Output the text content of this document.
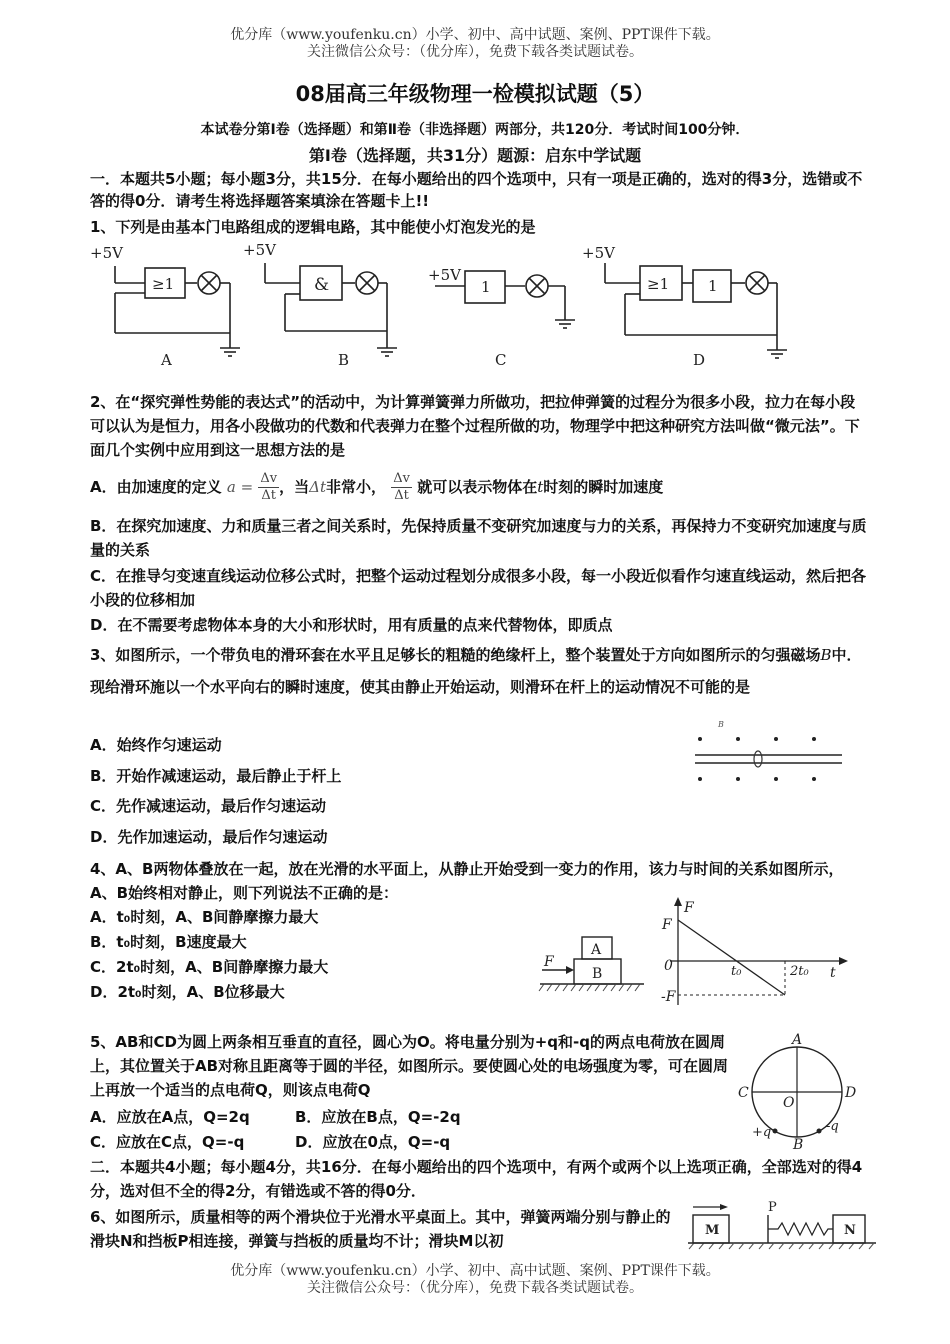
优分库（www.youfenku.cn）小学、初中、高中试题、案例、PPT课件下载。
关注微信公众号：（优分库），免费下载各类试题试卷。
08届高三年级物理一检模拟试题（5）
本试卷分第Ⅰ卷（选择题）和第Ⅱ卷（非选择题）两部分，共120分．考试时间100分钟．
第Ⅰ卷（选择题，共31分）题源：启东中学试题
一．本题共5小题；每小题3分，共15分．在每小题给出的四个选项中，只有一项是正确的，选对的得3分，选错或不答的得0分．请考生将选择题答案填涂在答题卡上!!
1、下列是由基本门电路组成的逻辑电路，其中能使小灯泡发光的是
+5V	+5V
+5V
+5V
≥1	&	1	≥1	1
A	B	C	D
2、在“探究弹性势能的表达式”的活动中，为计算弹簧弹力所做功，把拉伸弹簧的过程分为很多小段，拉力在每小段可以认为是恒力，用各小段做功的代数和代表弹力在整个过程所做的功，物理学中把这种研究方法叫做“微元法”。下面几个实例中应用到这一思想方法的是
A．由加速度的定义 $a = \frac{\Delta v}{\Delta t}$ ，当Δt非常小， $\frac{\Delta v}{\Delta t}$ 就可以表示物体在t时刻的瞬时加速度
B．在探究加速度、力和质量三者之间关系时，先保持质量不变研究加速度与力的关系，再保持力不变研究加速度与质量的关系
C．在推导匀变速直线运动位移公式时，把整个运动过程划分成很多小段，每一小段近似看作匀速直线运动，然后把各小段的位移相加
D．在不需要考虑物体本身的大小和形状时，用有质量的点来代替物体，即质点
3、如图所示，一个带负电的滑环套在水平且足够长的粗糙的绝缘杆上，整个装置处于方向如图所示的匀强磁场B中．现给滑环施以一个水平向右的瞬时速度，使其由静止开始运动，则滑环在杆上的运动情况不可能的是
A．始终作匀速运动
B．开始作减速运动，最后静止于杆上
C．先作减速运动，最后作匀速运动
D．先作加速运动，最后作匀速运动
B
4、A、B两物体叠放在一起，放在光滑的水平面上，从静止开始受到一变力的作用，该力与时间的关系如图所示，A、B始终相对静止，则下列说法不正确的是：
A．t₀时刻，A、B间静摩擦力最大
B．t₀时刻，B速度最大
C．2t₀时刻，A、B间静摩擦力最大
D．2t₀时刻，A、B位移最大
F
A
B
F
F
0	t₀	2t₀ t
-F
5、AB和CD为圆上两条相互垂直的直径，圆心为O。将电量分别为+q和-q的两点电荷放在圆周上，其位置关于AB对称且距离等于圆的半径，如图所示。要使圆心处的电场强度为零，可在圆周上再放一个适当的点电荷Q，则该点电荷Q
A．应放在A点，Q=2q	B．应放在B点，Q=-2q
C．应放在C点，Q=-q	D．应放在0点，Q=-q
A
B
C	D
O
+q	-q
二．本题共4小题；每小题4分，共16分．在每小题给出的四个选项中，有两个或两个以上选项正确，全部选对的得4分，选对但不全的得2分，有错选或不答的得0分．
6、如图所示，质量相等的两个滑块位于光滑水平桌面上。其中，弹簧两端分别与静止的滑块N和挡板P相连接，弹簧与挡板的质量均不计；滑块M以初
M
P
N
优分库（www.youfenku.cn）小学、初中、高中试题、案例、PPT课件下载。
关注微信公众号：（优分库），免费下载各类试题试卷。
